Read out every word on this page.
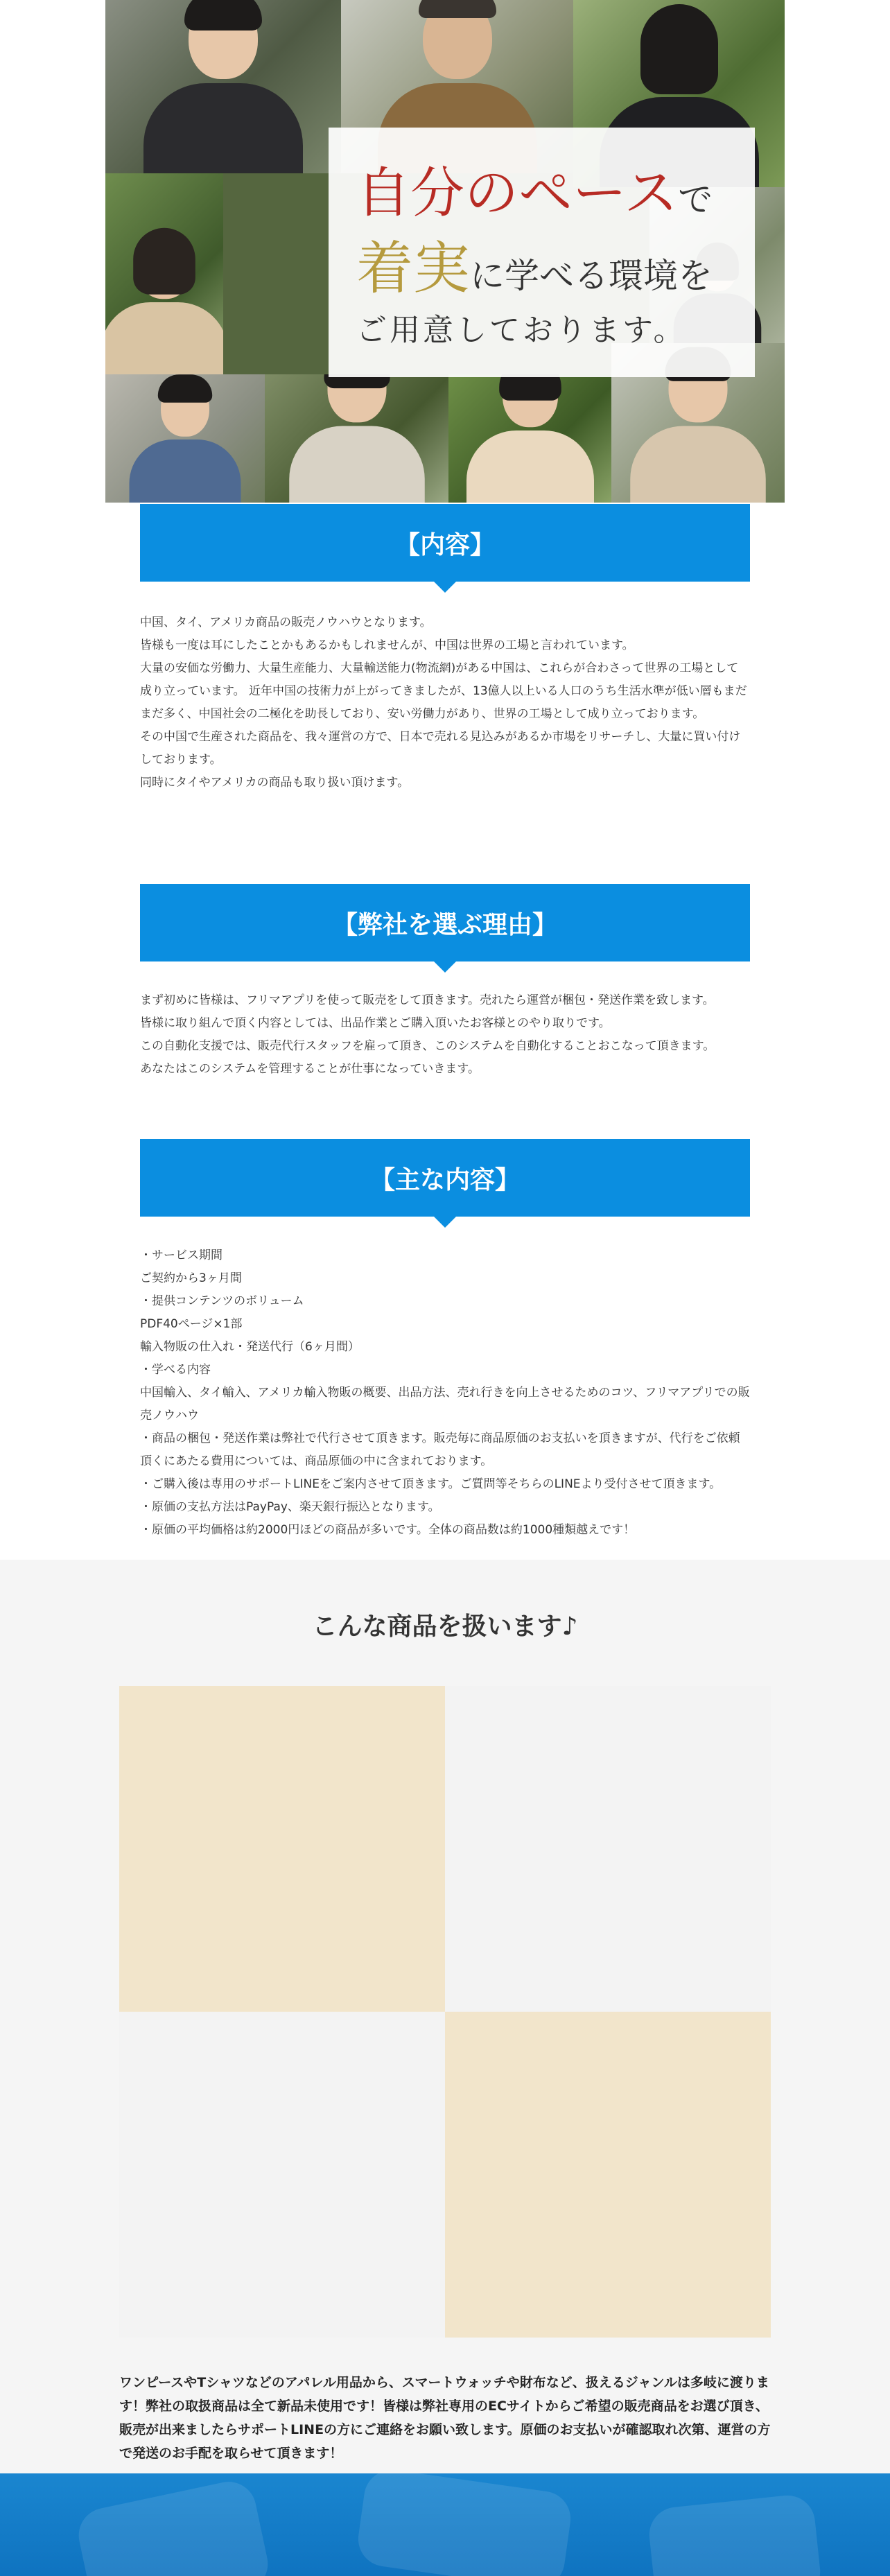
自分のペースで
着実に学べる環境を
ご用意しております。
【内容】

中国、タイ、アメリカ商品の販売ノウハウとなります。

皆様も一度は耳にしたことかもあるかもしれませんが、中国は世界の工場と言われています。

大量の安価な労働力、大量生産能力、大量輸送能力(物流網)がある中国は、これらが合わさって世界の工場として成り立っています。 近年中国の技術力が上がってきましたが、13億人以上いる人口のうち生活水準が低い層もまだまだ多く、中国社会の二極化を助長しており、安い労働力があり、世界の工場として成り立っております。

その中国で生産された商品を、我々運営の方で、日本で売れる見込みがあるか市場をリサーチし、大量に買い付けしております。

同時にタイやアメリカの商品も取り扱い頂けます。

【弊社を選ぶ理由】

まず初めに皆様は、フリマアプリを使って販売をして頂きます。売れたら運営が梱包・発送作業を致します。

皆様に取り組んで頂く内容としては、出品作業とご購入頂いたお客様とのやり取りです。

この自動化支援では、販売代行スタッフを雇って頂き、このシステムを自動化することおこなって頂きます。

あなたはこのシステムを管理することが仕事になっていきます。

【主な内容】

・サービス期間

ご契約から3ヶ月間

・提供コンテンツのボリューム

PDF40ページ×1部

輸入物販の仕入れ・発送代行（6ヶ月間）

・学べる内容

中国輸入、タイ輸入、アメリカ輸入物販の概要、出品方法、売れ行きを向上させるためのコツ、フリマアプリでの販売ノウハウ

・商品の梱包・発送作業は弊社で代行させて頂きます。販売毎に商品原価のお支払いを頂きますが、代行をご依頼頂くにあたる費用については、商品原価の中に含まれております。

・ご購入後は専用のサポートLINEをご案内させて頂きます。ご質問等そちらのLINEより受付させて頂きます。

・原価の支払方法はPayPay、楽天銀行振込となります。

・原価の平均価格は約2000円ほどの商品が多いです。全体の商品数は約1000種類越えです！

こんな商品を扱います♪
ワンピースやTシャツなどのアパレル用品から、スマートウォッチや財布など、扱えるジャンルは多岐に渡ります！弊社の取扱商品は全て新品未使用です！皆様は弊社専用のECサイトからご希望の販売商品をお選び頂き、販売が出来ましたらサポートLINEの方にご連絡をお願い致します。原価のお支払いが確認取れ次第、運営の方で発送のお手配を取らせて頂きます！
